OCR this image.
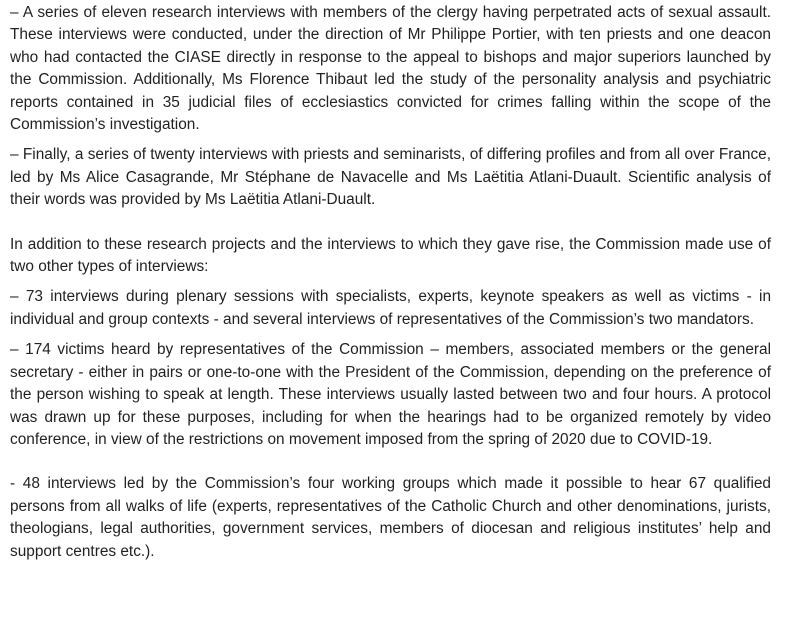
– A series of eleven research interviews with members of the clergy having perpetrated acts of sexual assault. These interviews were conducted, under the direction of Mr Philippe Portier, with ten priests and one deacon who had contacted the CIASE directly in response to the appeal to bishops and major superiors launched by the Commission. Additionally, Ms Florence Thibaut led the study of the personality analysis and psychiatric reports contained in 35 judicial files of ecclesiastics convicted for crimes falling within the scope of the Commission’s investigation.

– Finally, a series of twenty interviews with priests and seminarists, of differing profiles and from all over France, led by Ms Alice Casagrande, Mr Stéphane de Navacelle and Ms Laëtitia Atlani-Duault. Scientific analysis of their words was provided by Ms Laëtitia Atlani-Duault.

In addition to these research projects and the interviews to which they gave rise, the Commission made use of two other types of interviews:

– 73 interviews during plenary sessions with specialists, experts, keynote speakers as well as victims - in individual and group contexts - and several interviews of representatives of the Commission’s two mandators.

– 174 victims heard by representatives of the Commission – members, associated members or the general secretary - either in pairs or one-to-one with the President of the Commission, depending on the preference of the person wishing to speak at length. These interviews usually lasted between two and four hours. A protocol was drawn up for these purposes, including for when the hearings had to be organized remotely by video conference, in view of the restrictions on movement imposed from the spring of 2020 due to COVID-19.

- 48 interviews led by the Commission’s four working groups which made it possible to hear 67 qualified persons from all walks of life (experts, representatives of the Catholic Church and other denominations, jurists, theologians, legal authorities, government services, members of diocesan and religious institutes’ help and support centres etc.).
